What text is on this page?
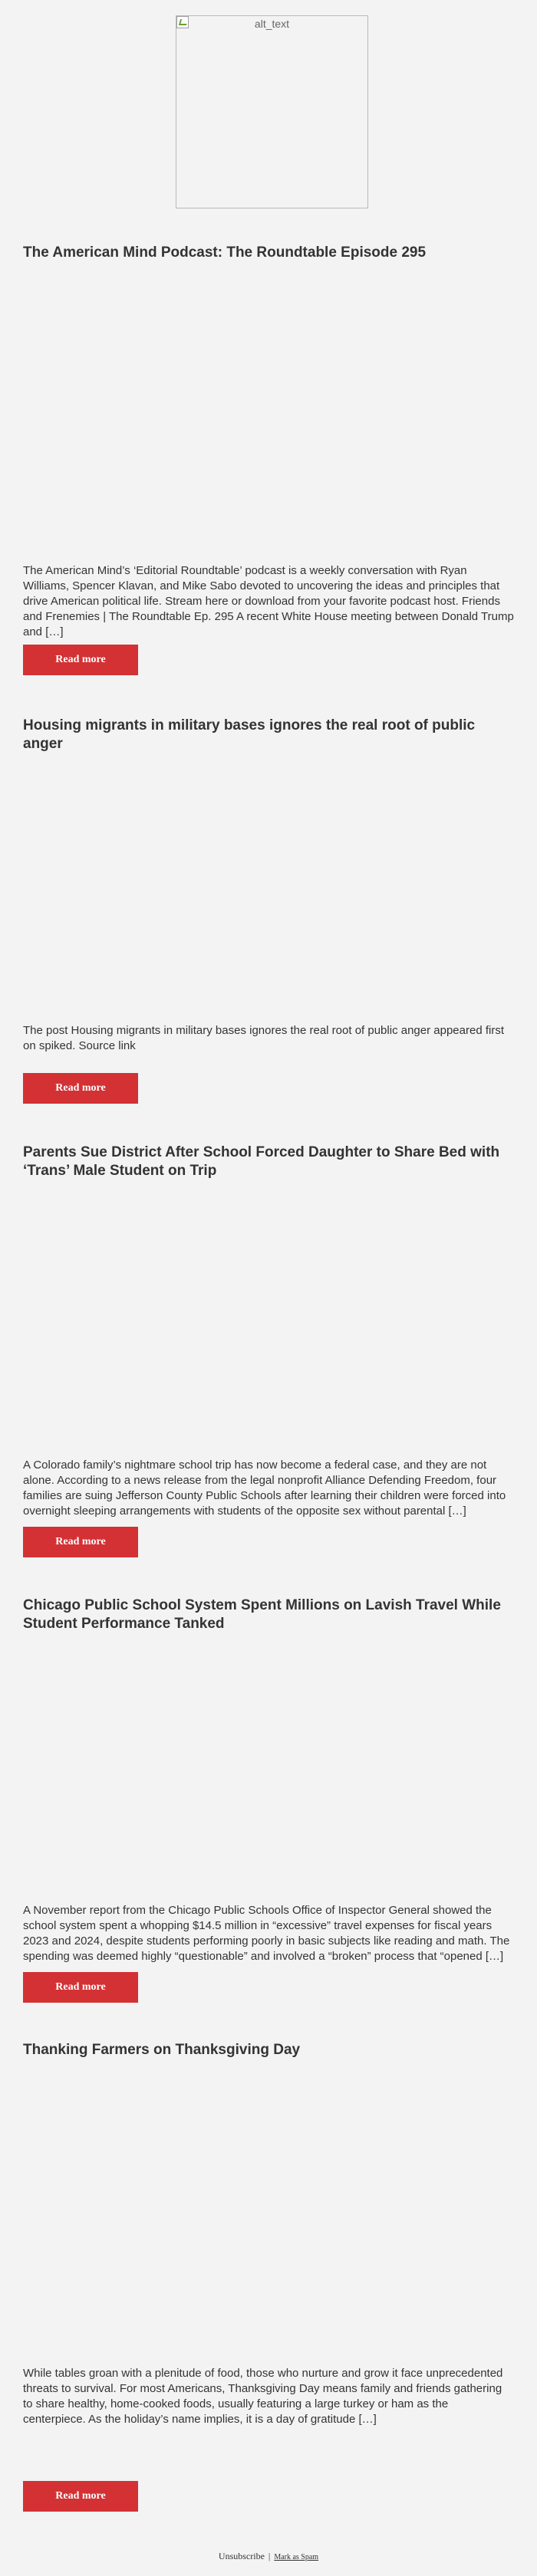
alt_text
The American Mind Podcast: The Roundtable Episode 295

The American Mind’s ‘Editorial Roundtable’ podcast is a weekly conversation with Ryan Williams, Spencer Klavan, and Mike Sabo devoted to uncovering the ideas and principles that drive American political life. Stream here or download from your favorite podcast host. Friends and Frenemies | The Roundtable Ep. 295 A recent White House meeting between Donald Trump and […]

Read more
Housing migrants in military bases ignores the real root of public anger

The post Housing migrants in military bases ignores the real root of public anger appeared first on spiked. Source link

Read more
Parents Sue District After School Forced Daughter to Share Bed with ‘Trans’ Male Student on Trip

A Colorado family’s nightmare school trip has now become a federal case, and they are not alone. According to a news release from the legal nonprofit Alliance Defending Freedom, four families are suing Jefferson County Public Schools after learning their children were forced into overnight sleeping arrangements with students of the opposite sex without parental […]

Read more
Chicago Public School System Spent Millions on Lavish Travel While Student Performance Tanked

A November report from the Chicago Public Schools Office of Inspector General showed the school system spent a whopping $14.5 million in “excessive” travel expenses for fiscal years 2023 and 2024, despite students performing poorly in basic subjects like reading and math. The spending was deemed highly “questionable” and involved a “broken” process that “opened […]

Read more
Thanking Farmers on Thanksgiving Day

While tables groan with a plenitude of food, those who nurture and grow it face unprecedented threats to survival. For most Americans, Thanksgiving Day means family and friends gathering to share healthy, home-cooked foods, usually featuring a large turkey or ham as the centerpiece. As the holiday’s name implies, it is a day of gratitude […]

Read more
Unsubscribe | Mark as Spam
